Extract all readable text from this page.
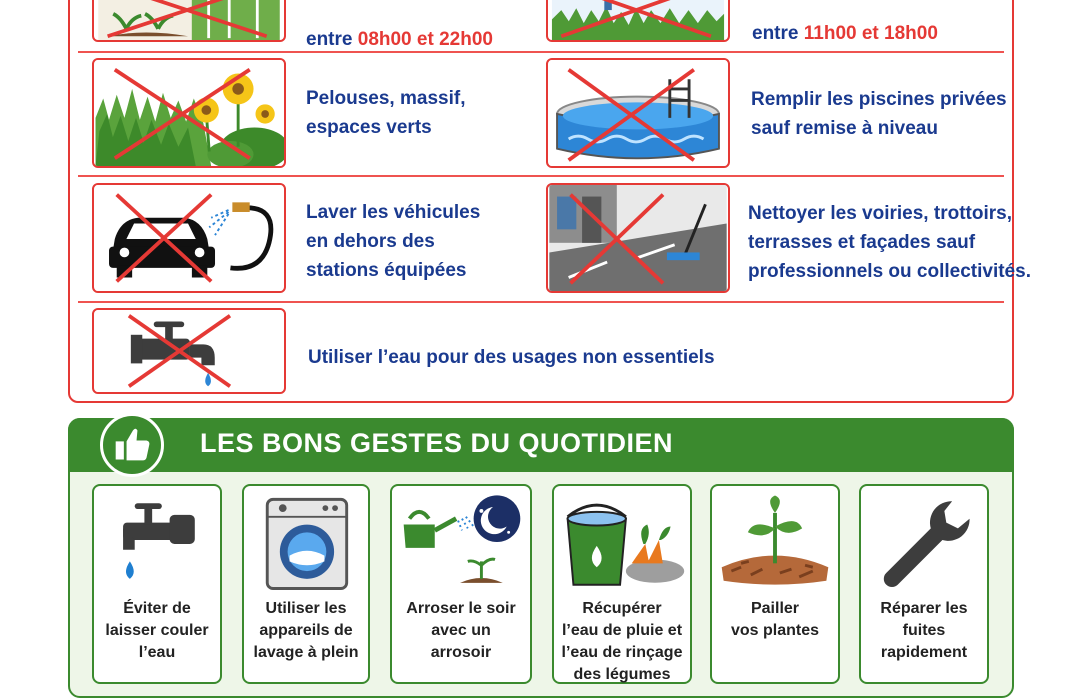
entre 08h00 et 22h00	entre 11h00 et 18h00

Pelouses, massif,
espaces verts
Remplir les piscines privées
sauf remise à niveau
Laver les véhicules
en dehors des
stations équipées
Nettoyer les voiries, trottoirs,
terrasses et façades sauf
professionnels ou collectivités.
Utiliser l’eau pour des usages non essentiels
LES BONS GESTES DU QUOTIDIEN
Éviter de
laisser couler
l’eau
Utiliser les
appareils de
lavage à plein
Arroser le soir
avec un
arrosoir
Récupérer
l’eau de pluie et
l’eau de rinçage
des légumes
Pailler
vos plantes
Réparer les
fuites
rapidement
